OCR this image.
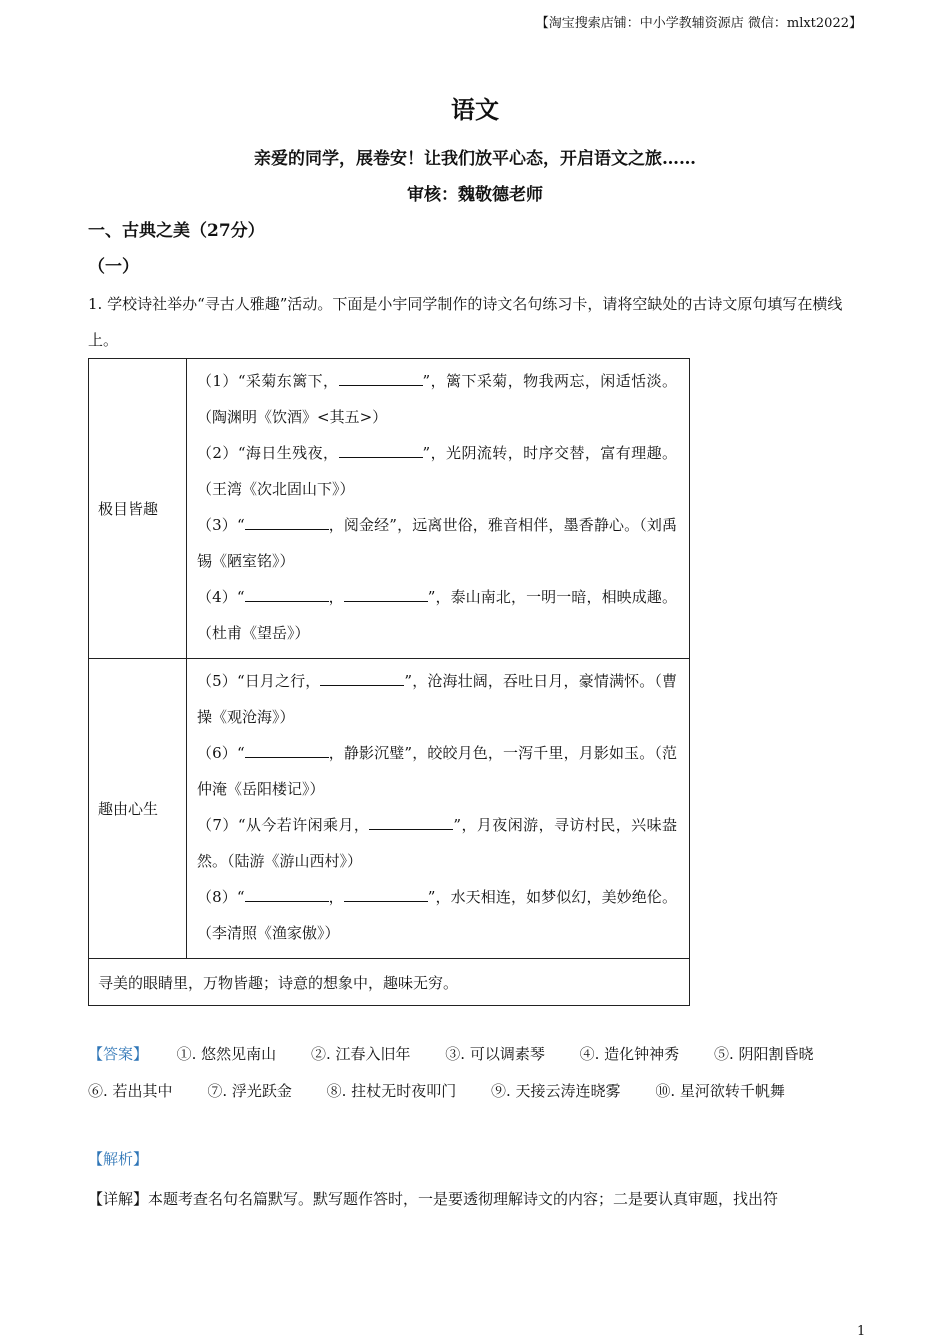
【淘宝搜索店铺：中小学教辅资源店 微信：mlxt2022】
语文
亲爱的同学，展卷安！让我们放平心态，开启语文之旅……
审核：魏敬德老师
一、古典之美（27分）
（一）
1. 学校诗社举办“寻古人雅趣”活动。下面是小宇同学制作的诗文名句练习卡，请将空缺处的古诗文原句填写在横线上。
极目皆趣
（1）“采菊东篱下，	”，篱下采菊，物我两忘，闲适恬淡。（陶渊明《饮酒》<其五>）
（2）“海日生残夜，	”，光阴流转，时序交替，富有理趣。（王湾《次北固山下》）
（3）“	，阅金经”，远离世俗，雅音相伴，墨香静心。（刘禹锡《陋室铭》）
（4）“	，	”，泰山南北，一明一暗，相映成趣。（杜甫《望岳》）
趣由心生
（5）“日月之行，	”，沧海壮阔，吞吐日月，豪情满怀。（曹操《观沧海》）
（6）“	，静影沉璧”，皎皎月色，一泻千里，月影如玉。（范仲淹《岳阳楼记》）
（7）“从今若许闲乘月，	”，月夜闲游，寻访村民，兴味盎然。（陆游《游山西村》）
（8）“	，	”，水天相连，如梦似幻，美妙绝伦。（李清照《渔家傲》）
寻美的眼睛里，万物皆趣；诗意的想象中，趣味无穷。
【答案】 ①. 悠然见南山 ②. 江春入旧年 ③. 可以调素琴 ④. 造化钟神秀 ⑤. 阴阳割昏晓 ⑥. 若出其中 ⑦. 浮光跃金 ⑧. 拄杖无时夜叩门 ⑨. 天接云涛连晓雾 ⑩. 星河欲转千帆舞
【解析】
【详解】本题考查名句名篇默写。默写题作答时，一是要透彻理解诗文的内容；二是要认真审题，找出符
1
